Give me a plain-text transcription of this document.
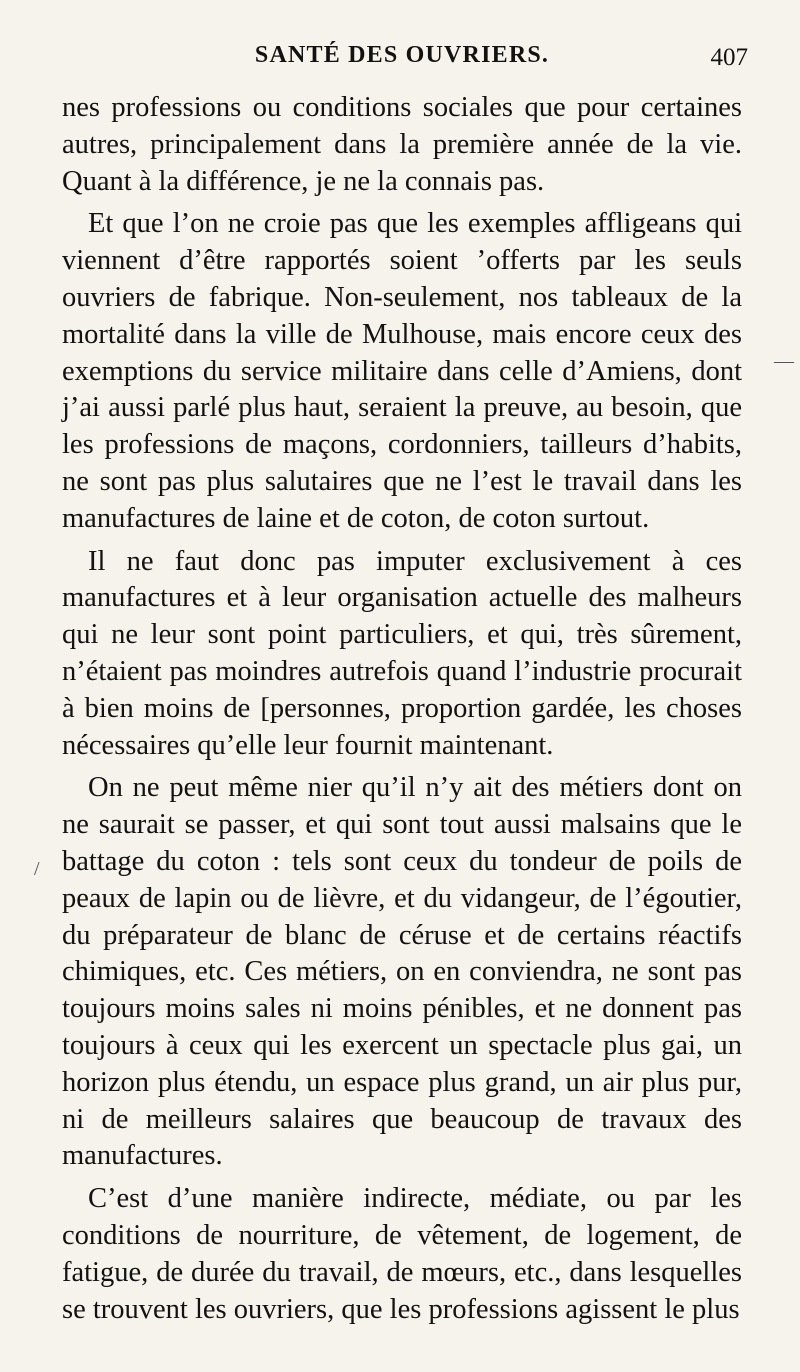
SANTÉ DES OUVRIERS.	407

nes professions ou conditions sociales que pour certaines autres, principalement dans la première année de la vie. Quant à la différence, je ne la connais pas.

Et que l’on ne croie pas que les exemples affligeans qui viennent d’être rapportés soient ’offerts par les seuls ouvriers de fabrique. Non-seulement, nos tableaux de la mortalité dans la ville de Mulhouse, mais encore ceux des exemptions du service militaire dans celle d’Amiens, dont j’ai aussi parlé plus haut, seraient la preuve, au besoin, que les professions de maçons, cordonniers, tailleurs d’habits, ne sont pas plus salutaires que ne l’est le travail dans les manufactures de laine et de coton, de coton surtout.

Il ne faut donc pas imputer exclusivement à ces manufactures et à leur organisation actuelle des malheurs qui ne leur sont point particuliers, et qui, très sûrement, n’étaient pas moindres autrefois quand l’industrie procurait à bien moins de [personnes, proportion gardée, les choses nécessaires qu’elle leur fournit maintenant.

On ne peut même nier qu’il n’y ait des métiers dont on ne saurait se passer, et qui sont tout aussi malsains que le battage du coton : tels sont ceux du tondeur de poils de peaux de lapin ou de lièvre, et du vidangeur, de l’égoutier, du préparateur de blanc de céruse et de certains réactifs chimiques, etc. Ces métiers, on en conviendra, ne sont pas toujours moins sales ni moins pénibles, et ne donnent pas toujours à ceux qui les exercent un spectacle plus gai, un horizon plus étendu, un espace plus grand, un air plus pur, ni de meilleurs salaires que beaucoup de travaux des manufactures.

C’est d’une manière indirecte, médiate, ou par les conditions de nourriture, de vêtement, de logement, de fatigue, de durée du travail, de mœurs, etc., dans lesquelles se trouvent les ouvriers, que les professions agissent le plus

—
/
